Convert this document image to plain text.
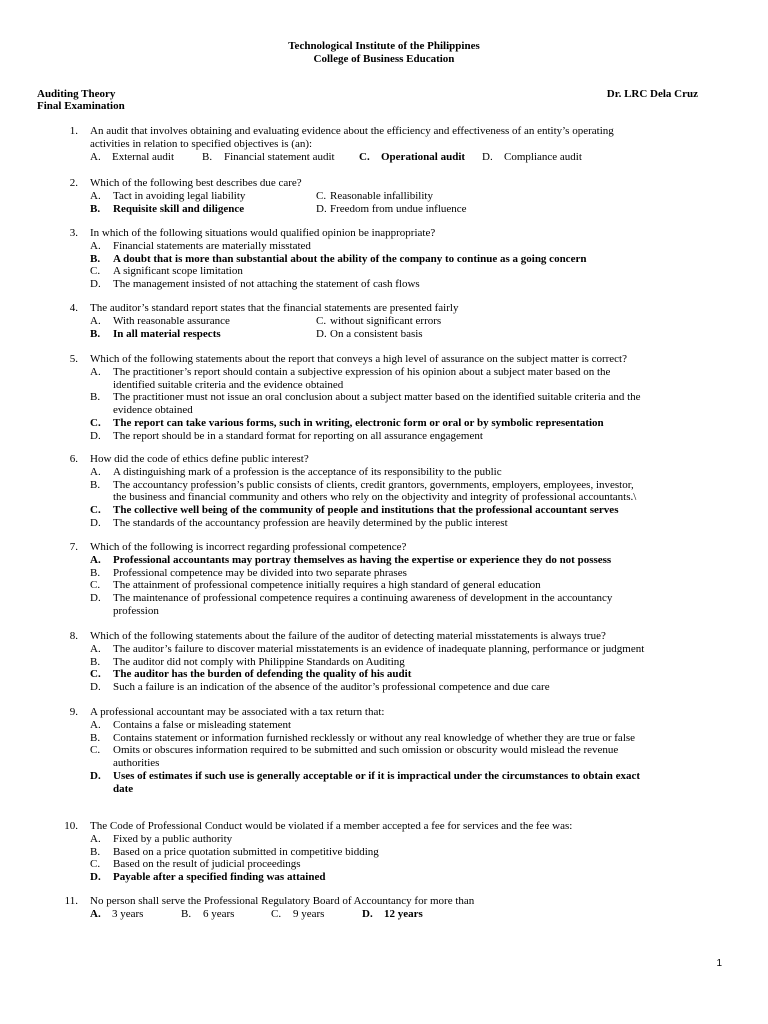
Technological Institute of the Philippines
College of Business Education
Auditing Theory
Final Examination
Dr. LRC Dela Cruz
1. An audit that involves obtaining and evaluating evidence about the efficiency and effectiveness of an entity’s operating
activities in relation to specified objectives is (an):
A. External audit	B. Financial statement audit C. Operational audit D. Compliance audit
2. Which of the following best describes due care?
A. Tact in avoiding legal liability	C. Reasonable infallibility
B. Requisite skill and diligence	D. Freedom from undue influence
3. In which of the following situations would qualified opinion be inappropriate?
A. Financial statements are materially misstated
B. A doubt that is more than substantial about the ability of the company to continue as a going concern
C. A significant scope limitation
D. The management insisted of not attaching the statement of cash flows
4. The auditor’s standard report states that the financial statements are presented fairly
A. With reasonable assurance	C. without significant errors
B. In all material respects	D. On a consistent basis
5. Which of the following statements about the report that conveys a high level of assurance on the subject matter is correct?
A. The practitioner’s report should contain a subjective expression of his opinion about a subject mater based on the
identified suitable criteria and the evidence obtained
B. The practitioner must not issue an oral conclusion about a subject matter based on the identified suitable criteria and the
evidence obtained
C. The report can take various forms, such in writing, electronic form or oral or by symbolic representation
D. The report should be in a standard format for reporting on all assurance engagement
6. How did the code of ethics define public interest?
A. A distinguishing mark of a profession is the acceptance of its responsibility to the public
B. The accountancy profession’s public consists of clients, credit grantors, governments, employers, employees, investor,
the business and financial community and others who rely on the objectivity and integrity of professional accountants.\
C. The collective well being of the community of people and institutions that the professional accountant serves
D. The standards of the accountancy profession are heavily determined by the public interest
7. Which of the following is incorrect regarding professional competence?
A. Professional accountants may portray themselves as having the expertise or experience they do not possess
B. Professional competence may be divided into two separate phrases
C. The attainment of professional competence initially requires a high standard of general education
D. The maintenance of professional competence requires a continuing awareness of development in the accountancy
profession
8. Which of the following statements about the failure of the auditor of detecting material misstatements is always true?
A. The auditor’s failure to discover material misstatements is an evidence of inadequate planning, performance or judgment
B. The auditor did not comply with Philippine Standards on Auditing
C. The auditor has the burden of defending the quality of his audit
D. Such a failure is an indication of the absence of the auditor’s professional competence and due care
9. A professional accountant may be associated with a tax return that:
A. Contains a false or misleading statement
B. Contains statement or information furnished recklessly or without any real knowledge of whether they are true or false
C. Omits or obscures information required to be submitted and such omission or obscurity would mislead the revenue
authorities
D. Uses of estimates if such use is generally acceptable or if it is impractical under the circumstances to obtain exact
date
10. The Code of Professional Conduct would be violated if a member accepted a fee for services and the fee was:
A. Fixed by a public authority
B. Based on a price quotation submitted in competitive bidding
C. Based on the result of judicial proceedings
D. Payable after a specified finding was attained
11. No person shall serve the Professional Regulatory Board of Accountancy for more than
A. 3 years	B. 6 years	C. 9 years	D. 12 years
1
